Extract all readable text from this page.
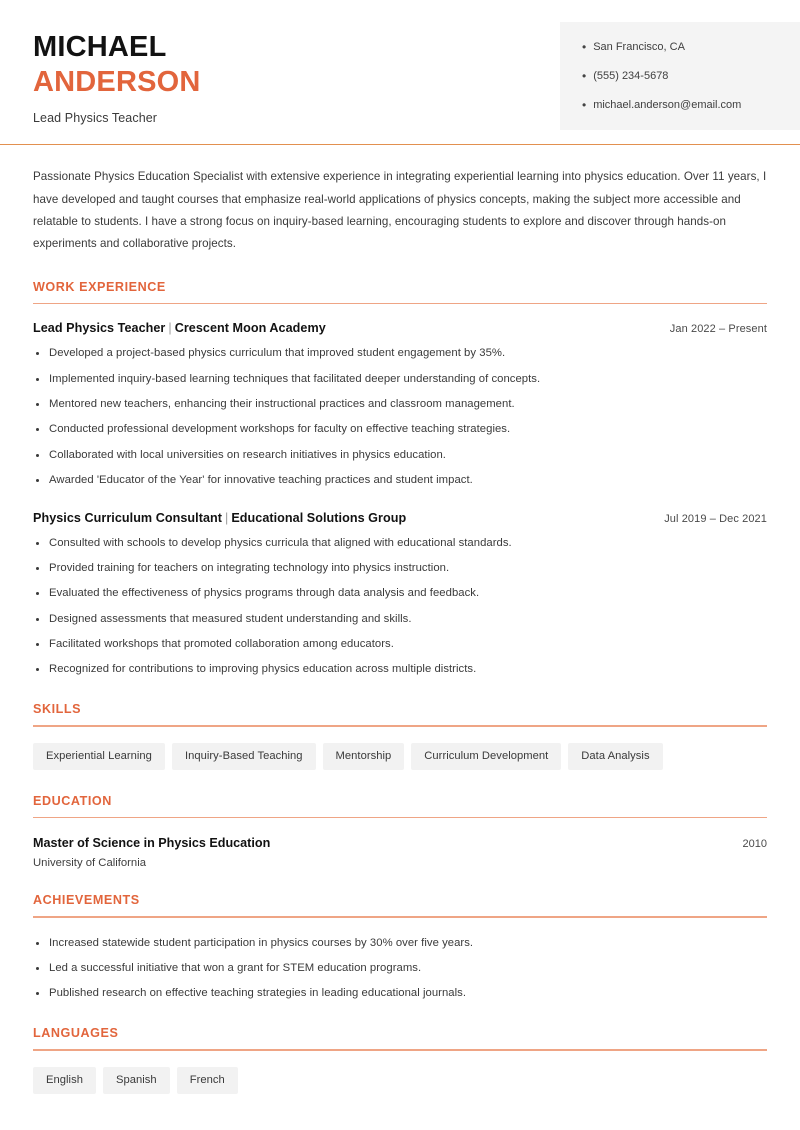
MICHAEL
ANDERSON
Lead Physics Teacher
• San Francisco, CA
• (555) 234-5678
• michael.anderson@email.com

Passionate Physics Education Specialist with extensive experience in integrating experiential learning into physics education. Over 11 years, I have developed and taught courses that emphasize real-world applications of physics concepts, making the subject more accessible and relatable to students. I have a strong focus on inquiry-based learning, encouraging students to explore and discover through hands-on experiments and collaborative projects.

WORK EXPERIENCE
Lead Physics Teacher | Crescent Moon Academy	Jan 2022 – Present
Developed a project-based physics curriculum that improved student engagement by 35%.
Implemented inquiry-based learning techniques that facilitated deeper understanding of concepts.
Mentored new teachers, enhancing their instructional practices and classroom management.
Conducted professional development workshops for faculty on effective teaching strategies.
Collaborated with local universities on research initiatives in physics education.
Awarded 'Educator of the Year' for innovative teaching practices and student impact.
Physics Curriculum Consultant | Educational Solutions Group	Jul 2019 – Dec 2021
Consulted with schools to develop physics curricula that aligned with educational standards.
Provided training for teachers on integrating technology into physics instruction.
Evaluated the effectiveness of physics programs through data analysis and feedback.
Designed assessments that measured student understanding and skills.
Facilitated workshops that promoted collaboration among educators.
Recognized for contributions to improving physics education across multiple districts.
SKILLS
Experiential Learning	Inquiry-Based Teaching	Mentorship	Curriculum Development	Data Analysis
EDUCATION
Master of Science in Physics Education	2010
University of California
ACHIEVEMENTS
Increased statewide student participation in physics courses by 30% over five years.
Led a successful initiative that won a grant for STEM education programs.
Published research on effective teaching strategies in leading educational journals.
LANGUAGES
English	Spanish	French
